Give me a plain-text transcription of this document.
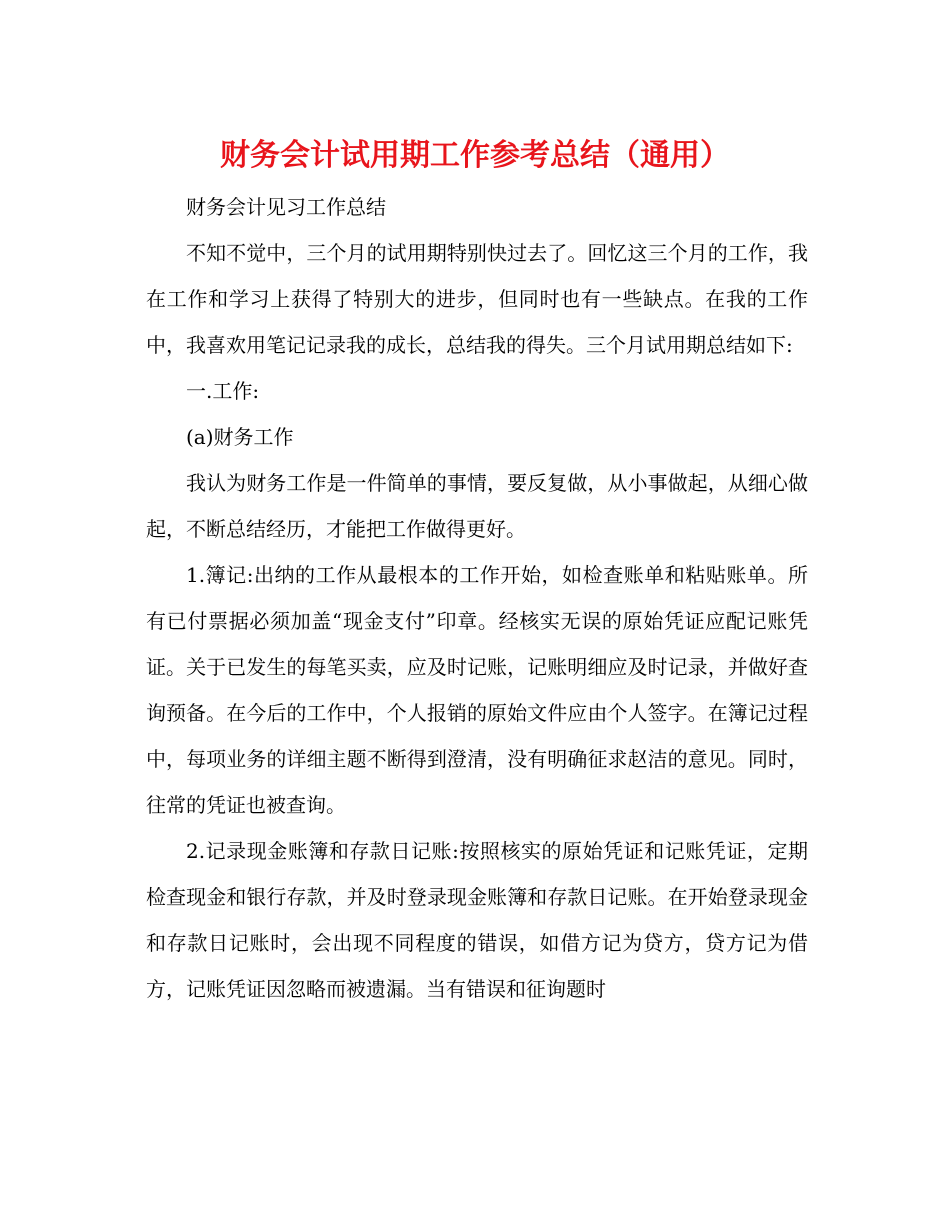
财务会计试用期工作参考总结（通用）

财务会计见习工作总结

不知不觉中，三个月的试用期特别快过去了。回忆这三个月的工作，我在工作和学习上获得了特别大的进步，但同时也有一些缺点。在我的工作中，我喜欢用笔记记录我的成长，总结我的得失。三个月试用期总结如下:

一.工作:

(a)财务工作

我认为财务工作是一件简单的事情，要反复做，从小事做起，从细心做起，不断总结经历，才能把工作做得更好。

1.簿记:出纳的工作从最根本的工作开始，如检查账单和粘贴账单。所有已付票据必须加盖“现金支付”印章。经核实无误的原始凭证应配记账凭证。关于已发生的每笔买卖，应及时记账，记账明细应及时记录，并做好查询预备。在今后的工作中，个人报销的原始文件应由个人签字。在簿记过程中，每项业务的详细主题不断得到澄清，没有明确征求赵洁的意见。同时，往常的凭证也被查询。

2.记录现金账簿和存款日记账:按照核实的原始凭证和记账凭证，定期检查现金和银行存款，并及时登录现金账簿和存款日记账。在开始登录现金和存款日记账时，会出现不同程度的错误，如借方记为贷方，贷方记为借方，记账凭证因忽略而被遗漏。当有错误和征询题时
